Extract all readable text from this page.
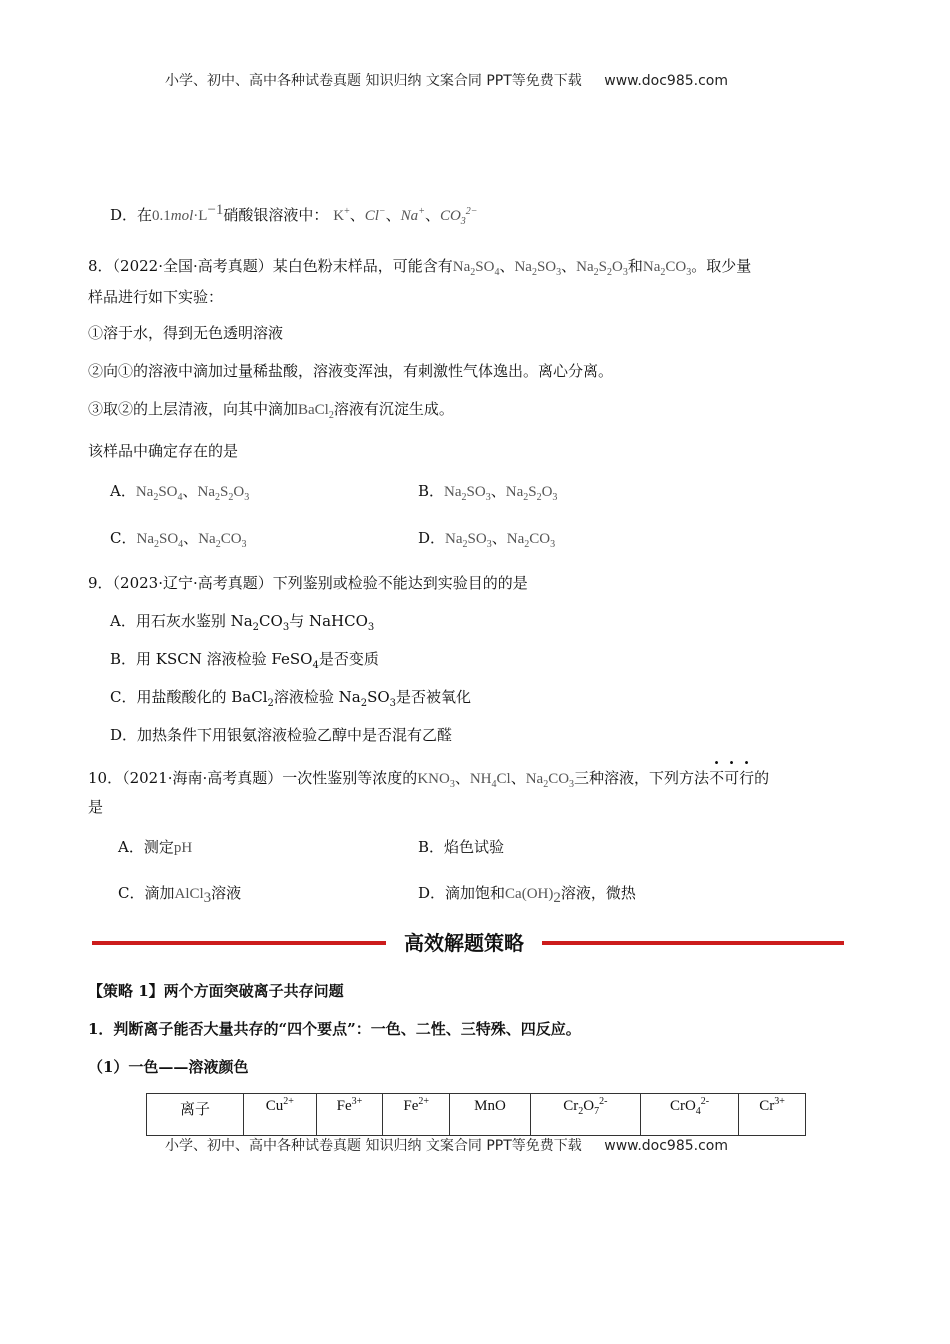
小学、初中、高中各种试卷真题 知识归纳 文案合同 PPT等免费下载 www.doc985.com
D．在$0.1mol\cdot L^{-1}$硝酸银溶液中： K+、Cl−、Na+、$CO_3^{2-}$
8．（2022·全国·高考真题）某白色粉末样品，可能含有$Na_2SO_4$、$Na_2SO_3$、$Na_2S_2O_3$和$Na_2CO_3$。取少量
样品进行如下实验：
①溶于水，得到无色透明溶液
②向①的溶液中滴加过量稀盐酸，溶液变浑浊，有刺激性气体逸出。离心分离。
③取②的上层清液，向其中滴加BaCl$_2$溶液有沉淀生成。
该样品中确定存在的是
A．$Na_2SO_4$、$Na_2S_2O_3$	B．$Na_2SO_3$、$Na_2S_2O_3$
C．$Na_2SO_4$、$Na_2CO_3$	D．$Na_2SO_3$、$Na_2CO_3$
9．（2023·辽宁·高考真题）下列鉴别或检验不能达到实验目的的是
A．用石灰水鉴别 $Na_2CO_3$与 NaHCO$_3$
B．用 KSCN 溶液检验 FeSO$_4$是否变质
C．用盐酸酸化的 BaCl$_2$溶液检验 $Na_2SO_3$是否被氧化
D．加热条件下用银氨溶液检验乙醇中是否混有乙醛
10．（2021·海南·高考真题）一次性鉴别等浓度的$KNO_3$、$NH_4Cl$、$Na_2CO_3$三种溶液，下列方法不可行的
是
A．测定pH	B．焰色试验
C．滴加AlCl$_3$溶液	D．滴加饱和$Ca(OH)_2$溶液，微热
高效解题策略
【策略 1】两个方面突破离子共存问题
1．判断离子能否大量共存的“四个要点”：一色、二性、三特殊、四反应。
（1）一色——溶液颜色
离子	$Cu^{2+}$	$Fe^{3+}$	$Fe^{2+}$	MnO	$Cr_2O_7^{2-}$	CrO$_4^{2-}$	$Cr^{3+}$
小学、初中、高中各种试卷真题 知识归纳 文案合同 PPT等免费下载 www.doc985.com
